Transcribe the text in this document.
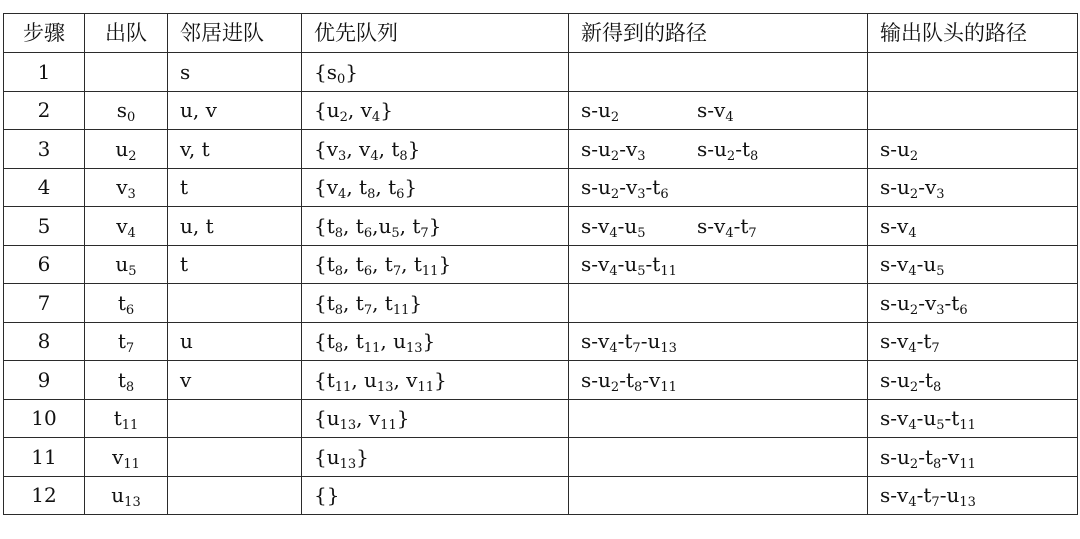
步骤	出队	邻居进队	优先队列	新得到的路径	输出队头的路径
1		s	$\{s_0\}$		
2	$s_0$	u, v	{$u_2$, $v_4$}	$s-u_2$ $s-v_4$	
3	$u_2$	v, t	{$v_3$, $v_4$, $t_8$}	$s-u_2-v_3$ $s-u_2-t_8$	$s-u_2$
4	$v_3$	t	{$v_4$, $t_8$, $t_6$}	$s-u_2-v_3-t_6$	$s-u_2-v_3$
5	$v_4$	u, t	{$t_8$, $t_6,u_5$, $t_7$}	$s-v_4-u_5$ $s-v_4-t_7$	$s-v_4$
6	$u_5$	t	{$t_8$, $t_6$, $t_7$, $t_{11}$}	$s-v_4-u_5-t_{11}$	$s-v_4-u_5$
7	$t_6$		{$t_8$, $t_7$, $t_{11}$}		$s-u_2-v_3-t_6$
8	$t_7$	u	{$t_8$, $t_{11}$, $u_{13}$}	$s-v_4-t_7-u_{13}$	$s-v_4-t_7$
9	$t_8$	v	{$t_{11}$, $u_{13}$, $v_{11}$}	$s-u_2-t_8-v_{11}$	$s-u_2-t_8$
10	$t_{11}$		{$u_{13}$, $v_{11}$}		$s-v_4-u_5-t_{11}$
11	$v_{11}$		$\{u_{13}\}$		$s-u_2-t_8-v_{11}$
12	$u_{13}$		{}		$s-v_4-t_7-u_{13}$
